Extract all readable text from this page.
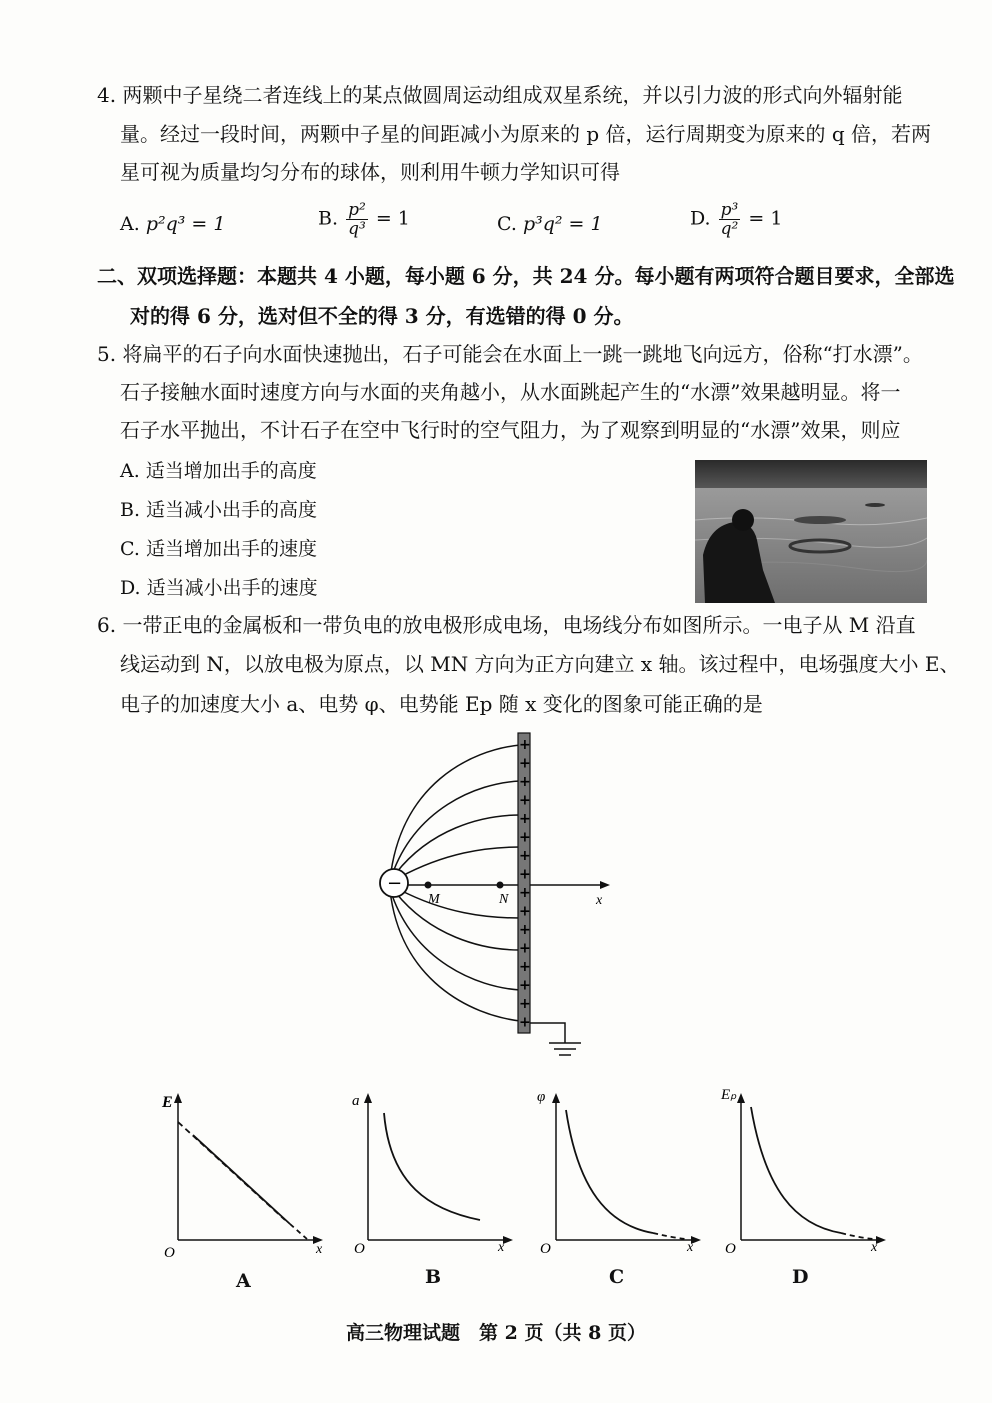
4. 两颗中子星绕二者连线上的某点做圆周运动组成双星系统，并以引力波的形式向外辐射能
量。经过一段时间，两颗中子星的间距减小为原来的 p 倍，运行周期变为原来的 q 倍，若两
星可视为质量均匀分布的球体，则利用牛顿力学知识可得
A. p²q³ = 1	B. $\frac{\text{p²}}{\text{q³}} = 1$	C. p³q² = 1	D. $\frac{\text{p³}}{\text{q²}} = 1$
二、双项选择题：本题共 4 小题，每小题 6 分，共 24 分。每小题有两项符合题目要求，全部选
对的得 6 分，选对但不全的得 3 分，有选错的得 0 分。
5. 将扁平的石子向水面快速抛出，石子可能会在水面上一跳一跳地飞向远方，俗称“打水漂”。
石子接触水面时速度方向与水面的夹角越小，从水面跳起产生的“水漂”效果越明显。将一
石子水平抛出，不计石子在空中飞行时的空气阻力，为了观察到明显的“水漂”效果，则应
A. 适当增加出手的高度
B. 适当减小出手的高度
C. 适当增加出手的速度
D. 适当减小出手的速度
6. 一带正电的金属板和一带负电的放电极形成电场，电场线分布如图所示。一电子从 M 沿直
线运动到 N，以放电极为原点，以 MN 方向为正方向建立 x 轴。该过程中，电场强度大小 E、
电子的加速度大小 a、电势 φ、电势能 Ep 随 x 变化的图象可能正确的是
x
M	N
−
+
+
+
+
+
+
+
+
+
+
+
+
+
+
+
+
E
O	x
A
a
O	x
B
φ
O	x
C
Eₚ
O	x
D
高三物理试题　第 2 页（共 8 页）
